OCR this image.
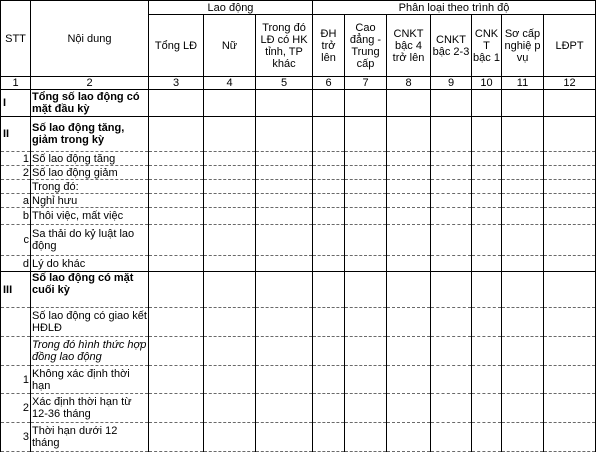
STT	Nội dung	Lao động			Phân loại theo trình độ						
		Tổng LĐ	Nữ	Trong đó LĐ có HK tỉnh, TP khác	ĐH trở lên	Cao đẳng - Trung cấp	CNKT bậc 4 trở lên	CNKT bậc 2-3	CNK T bậc 1	Sơ cấp nghiệ p vụ	LĐPT
1	2	3	4	5	6	7	8	9	10	11	12
I	Tổng số lao động có mặt đầu kỳ										
II	Số lao động tăng, giảm trong kỳ										
1	Số lao động tăng										
2	Số lao động giảm										
	Trong đó:										
a	Nghỉ hưu										
b	Thôi việc, mất việc										
c	Sa thải do kỷ luật lao động										
d	Lý do khác										
III	Số lao động có mặt cuối kỳ										
	Số lao động có giao kết HĐLĐ										
	Trong đó hình thức hợp đồng lao động										
1	Không xác định thời hạn										
2	Xác định thời hạn từ 12-36 tháng										
3	Thời hạn dưới 12 tháng										
